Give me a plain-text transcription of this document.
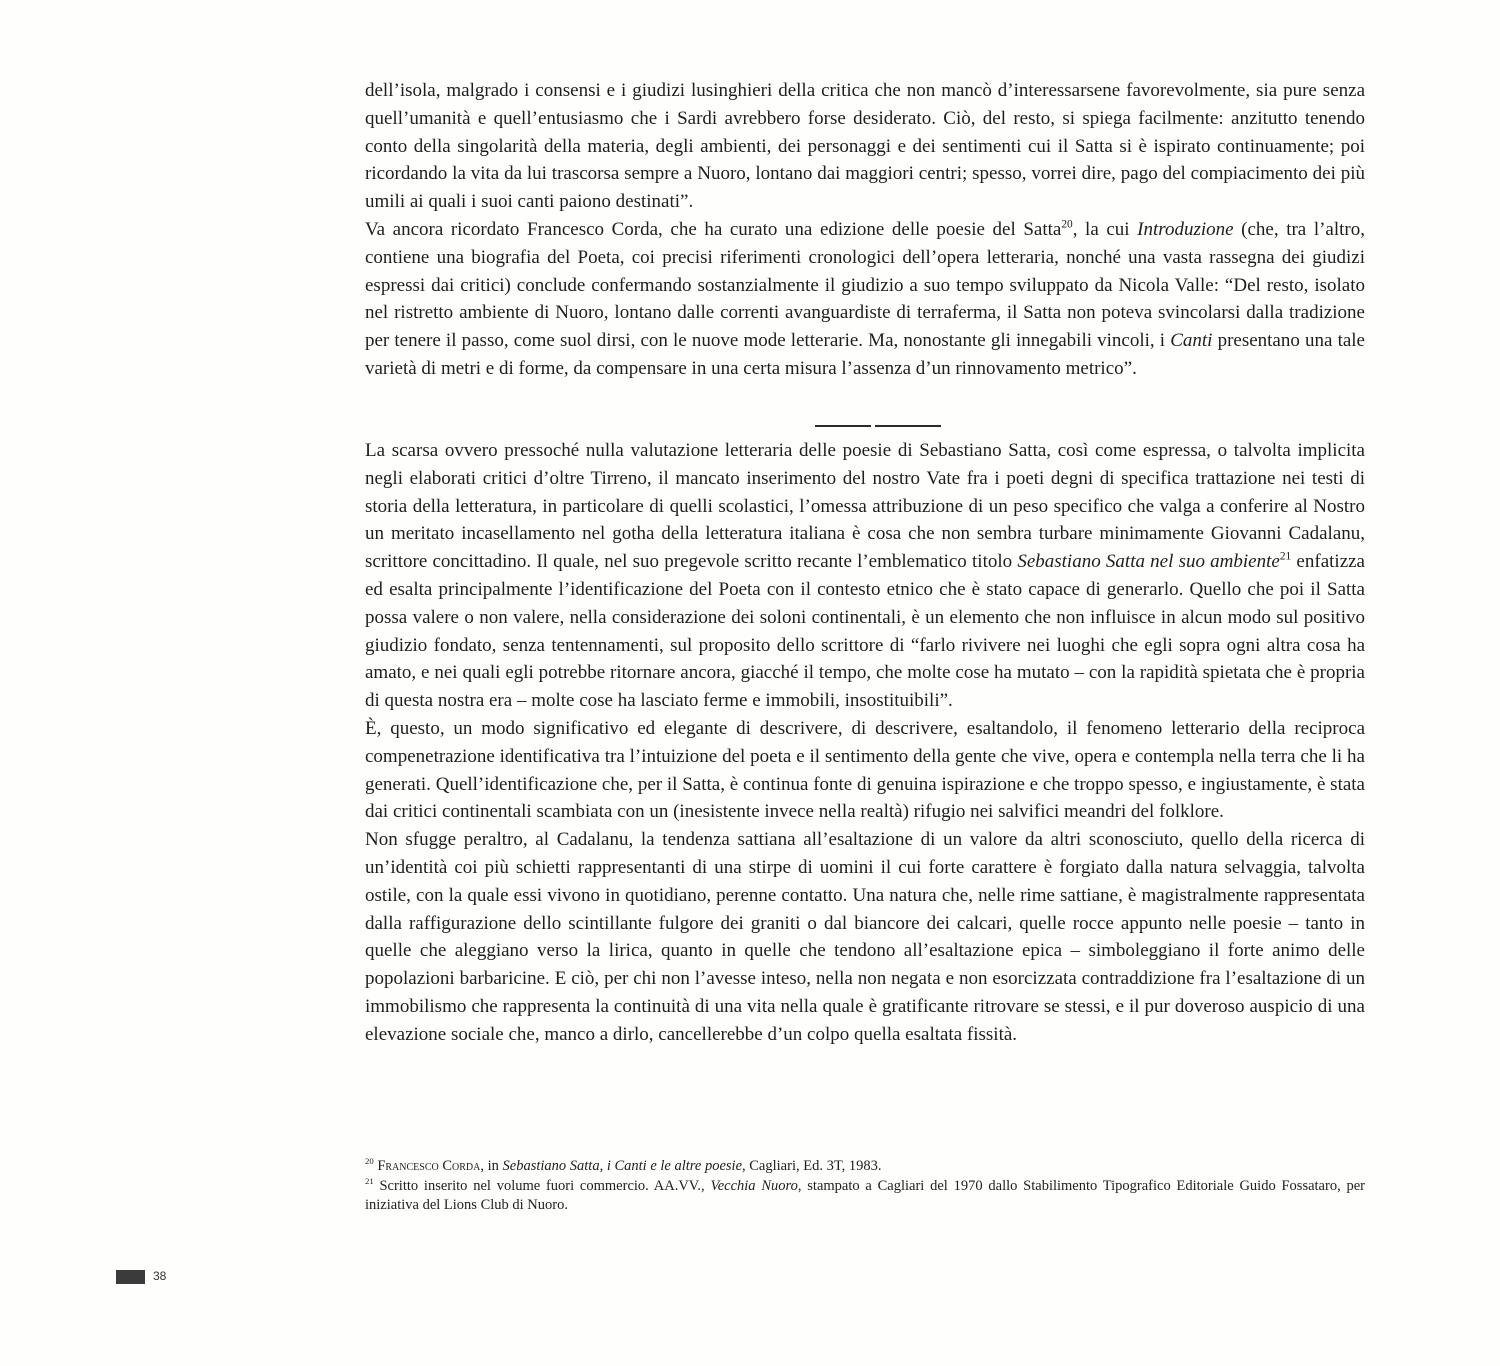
dell’isola, malgrado i consensi e i giudizi lusinghieri della critica che non mancò d’interessarsene favorevolmente, sia pure senza quell’umanità e quell’entusiasmo che i Sardi avrebbero forse desiderato. Ciò, del resto, si spiega facilmente: anzitutto tenendo conto della singolarità della materia, degli ambienti, dei personaggi e dei sentimenti cui il Satta si è ispirato continuamente; poi ricordando la vita da lui trascorsa sempre a Nuoro, lontano dai maggiori centri; spesso, vorrei dire, pago del compiacimento dei più umili ai quali i suoi canti paiono destinati”.

Va ancora ricordato Francesco Corda, che ha curato una edizione delle poesie del Satta$^{20}$, la cui Introduzione (che, tra l’altro, contiene una biografia del Poeta, coi precisi riferimenti cronologici dell’opera letteraria, nonché una vasta rassegna dei giudizi espressi dai critici) conclude confermando sostanzialmente il giudizio a suo tempo sviluppato da Nicola Valle: “Del resto, isolato nel ristretto ambiente di Nuoro, lontano dalle correnti avanguardiste di terraferma, il Satta non poteva svincolarsi dalla tradizione per tenere il passo, come suol dirsi, con le nuove mode letterarie. Ma, nonostante gli innegabili vincoli, i Canti presentano una tale varietà di metri e di forme, da compensare in una certa misura l’assenza d’un rinnovamento metrico”.

La scarsa ovvero pressoché nulla valutazione letteraria delle poesie di Sebastiano Satta, così come espressa, o talvolta implicita negli elaborati critici d’oltre Tirreno, il mancato inserimento del nostro Vate fra i poeti degni di specifica trattazione nei testi di storia della letteratura, in particolare di quelli scolastici, l’omessa attribuzione di un peso specifico che valga a conferire al Nostro un meritato incasellamento nel gotha della letteratura italiana è cosa che non sembra turbare minimamente Giovanni Cadalanu, scrittore concittadino. Il quale, nel suo pregevole scritto recante l’emblematico titolo Sebastiano Satta nel suo ambiente$^{21}$ enfatizza ed esalta principalmente l’identificazione del Poeta con il contesto etnico che è stato capace di generarlo. Quello che poi il Satta possa valere o non valere, nella considerazione dei soloni continentali, è un elemento che non influisce in alcun modo sul positivo giudizio fondato, senza tentennamenti, sul proposito dello scrittore di “farlo rivivere nei luoghi che egli sopra ogni altra cosa ha amato, e nei quali egli potrebbe ritornare ancora, giacché il tempo, che molte cose ha mutato – con la rapidità spietata che è propria di questa nostra era – molte cose ha lasciato ferme e immobili, insostituibili”.

È, questo, un modo significativo ed elegante di descrivere, di descrivere, esaltandolo, il fenomeno letterario della reciproca compenetrazione identificativa tra l’intuizione del poeta e il sentimento della gente che vive, opera e contempla nella terra che li ha generati. Quell’identificazione che, per il Satta, è continua fonte di genuina ispirazione e che troppo spesso, e ingiustamente, è stata dai critici continentali scambiata con un (inesistente invece nella realtà) rifugio nei salvifici meandri del folklore.

Non sfugge peraltro, al Cadalanu, la tendenza sattiana all’esaltazione di un valore da altri sconosciuto, quello della ricerca di un’identità coi più schietti rappresentanti di una stirpe di uomini il cui forte carattere è forgiato dalla natura selvaggia, talvolta ostile, con la quale essi vivono in quotidiano, perenne contatto. Una natura che, nelle rime sattiane, è magistralmente rappresentata dalla raffigurazione dello scintillante fulgore dei graniti o dal biancore dei calcari, quelle rocce appunto nelle poesie – tanto in quelle che aleggiano verso la lirica, quanto in quelle che tendono all’esaltazione epica – simboleggiano il forte animo delle popolazioni barbaricine. E ciò, per chi non l’avesse inteso, nella non negata e non esorcizzata contraddizione fra l’esaltazione di un immobilismo che rappresenta la continuità di una vita nella quale è gratificante ritrovare se stessi, e il pur doveroso auspicio di una elevazione sociale che, manco a dirlo, cancellerebbe d’un colpo quella esaltata fissità.

$^{20}$ Francesco Corda, in Sebastiano Satta, i Canti e le altre poesie, Cagliari, Ed. 3T, 1983.

$^{21}$ Scritto inserito nel volume fuori commercio. AA.VV., Vecchia Nuoro, stampato a Cagliari del 1970 dallo Stabilimento Tipografico Editoriale Guido Fossataro, per iniziativa del Lions Club di Nuoro.

38
